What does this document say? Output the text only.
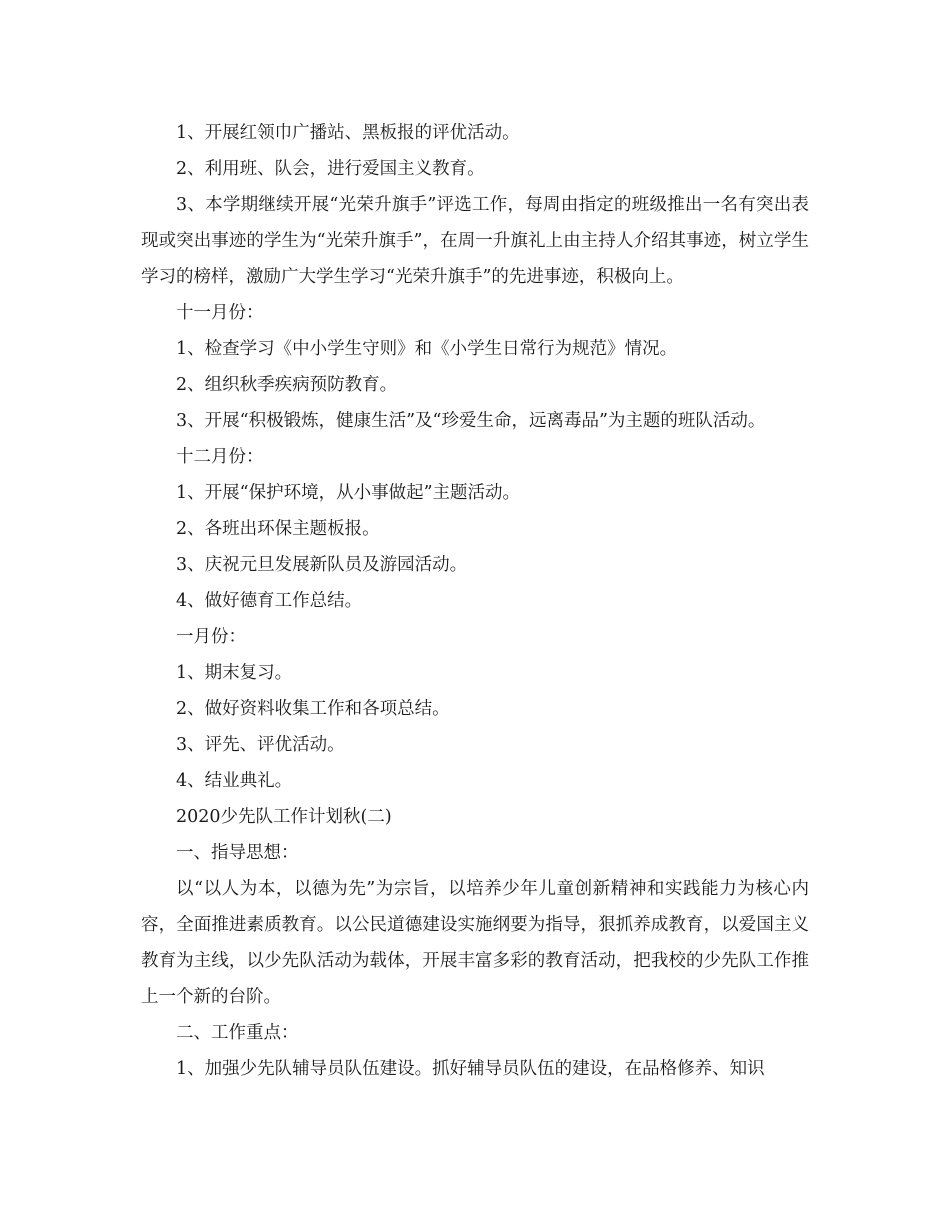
1、开展红领巾广播站、黑板报的评优活动。

2、利用班、队会，进行爱国主义教育。

3、本学期继续开展“光荣升旗手”评选工作，每周由指定的班级推出一名有突出表现或突出事迹的学生为“光荣升旗手”，在周一升旗礼上由主持人介绍其事迹，树立学生学习的榜样，激励广大学生学习“光荣升旗手”的先进事迹，积极向上。

十一月份：

1、检查学习《中小学生守则》和《小学生日常行为规范》情况。

2、组织秋季疾病预防教育。

3、开展“积极锻炼，健康生活”及“珍爱生命，远离毒品”为主题的班队活动。

十二月份：

1、开展“保护环境，从小事做起”主题活动。

2、各班出环保主题板报。

3、庆祝元旦发展新队员及游园活动。

4、做好德育工作总结。

一月份：

1、期末复习。

2、做好资料收集工作和各项总结。

3、评先、评优活动。

4、结业典礼。

2020少先队工作计划秋(二)

一、指导思想：

以“以人为本，以德为先”为宗旨，以培养少年儿童创新精神和实践能力为核心内容，全面推进素质教育。以公民道德建设实施纲要为指导，狠抓养成教育，以爱国主义教育为主线，以少先队活动为载体，开展丰富多彩的教育活动，把我校的少先队工作推上一个新的台阶。

二、工作重点：

1、加强少先队辅导员队伍建设。抓好辅导员队伍的建设，在品格修养、知识
